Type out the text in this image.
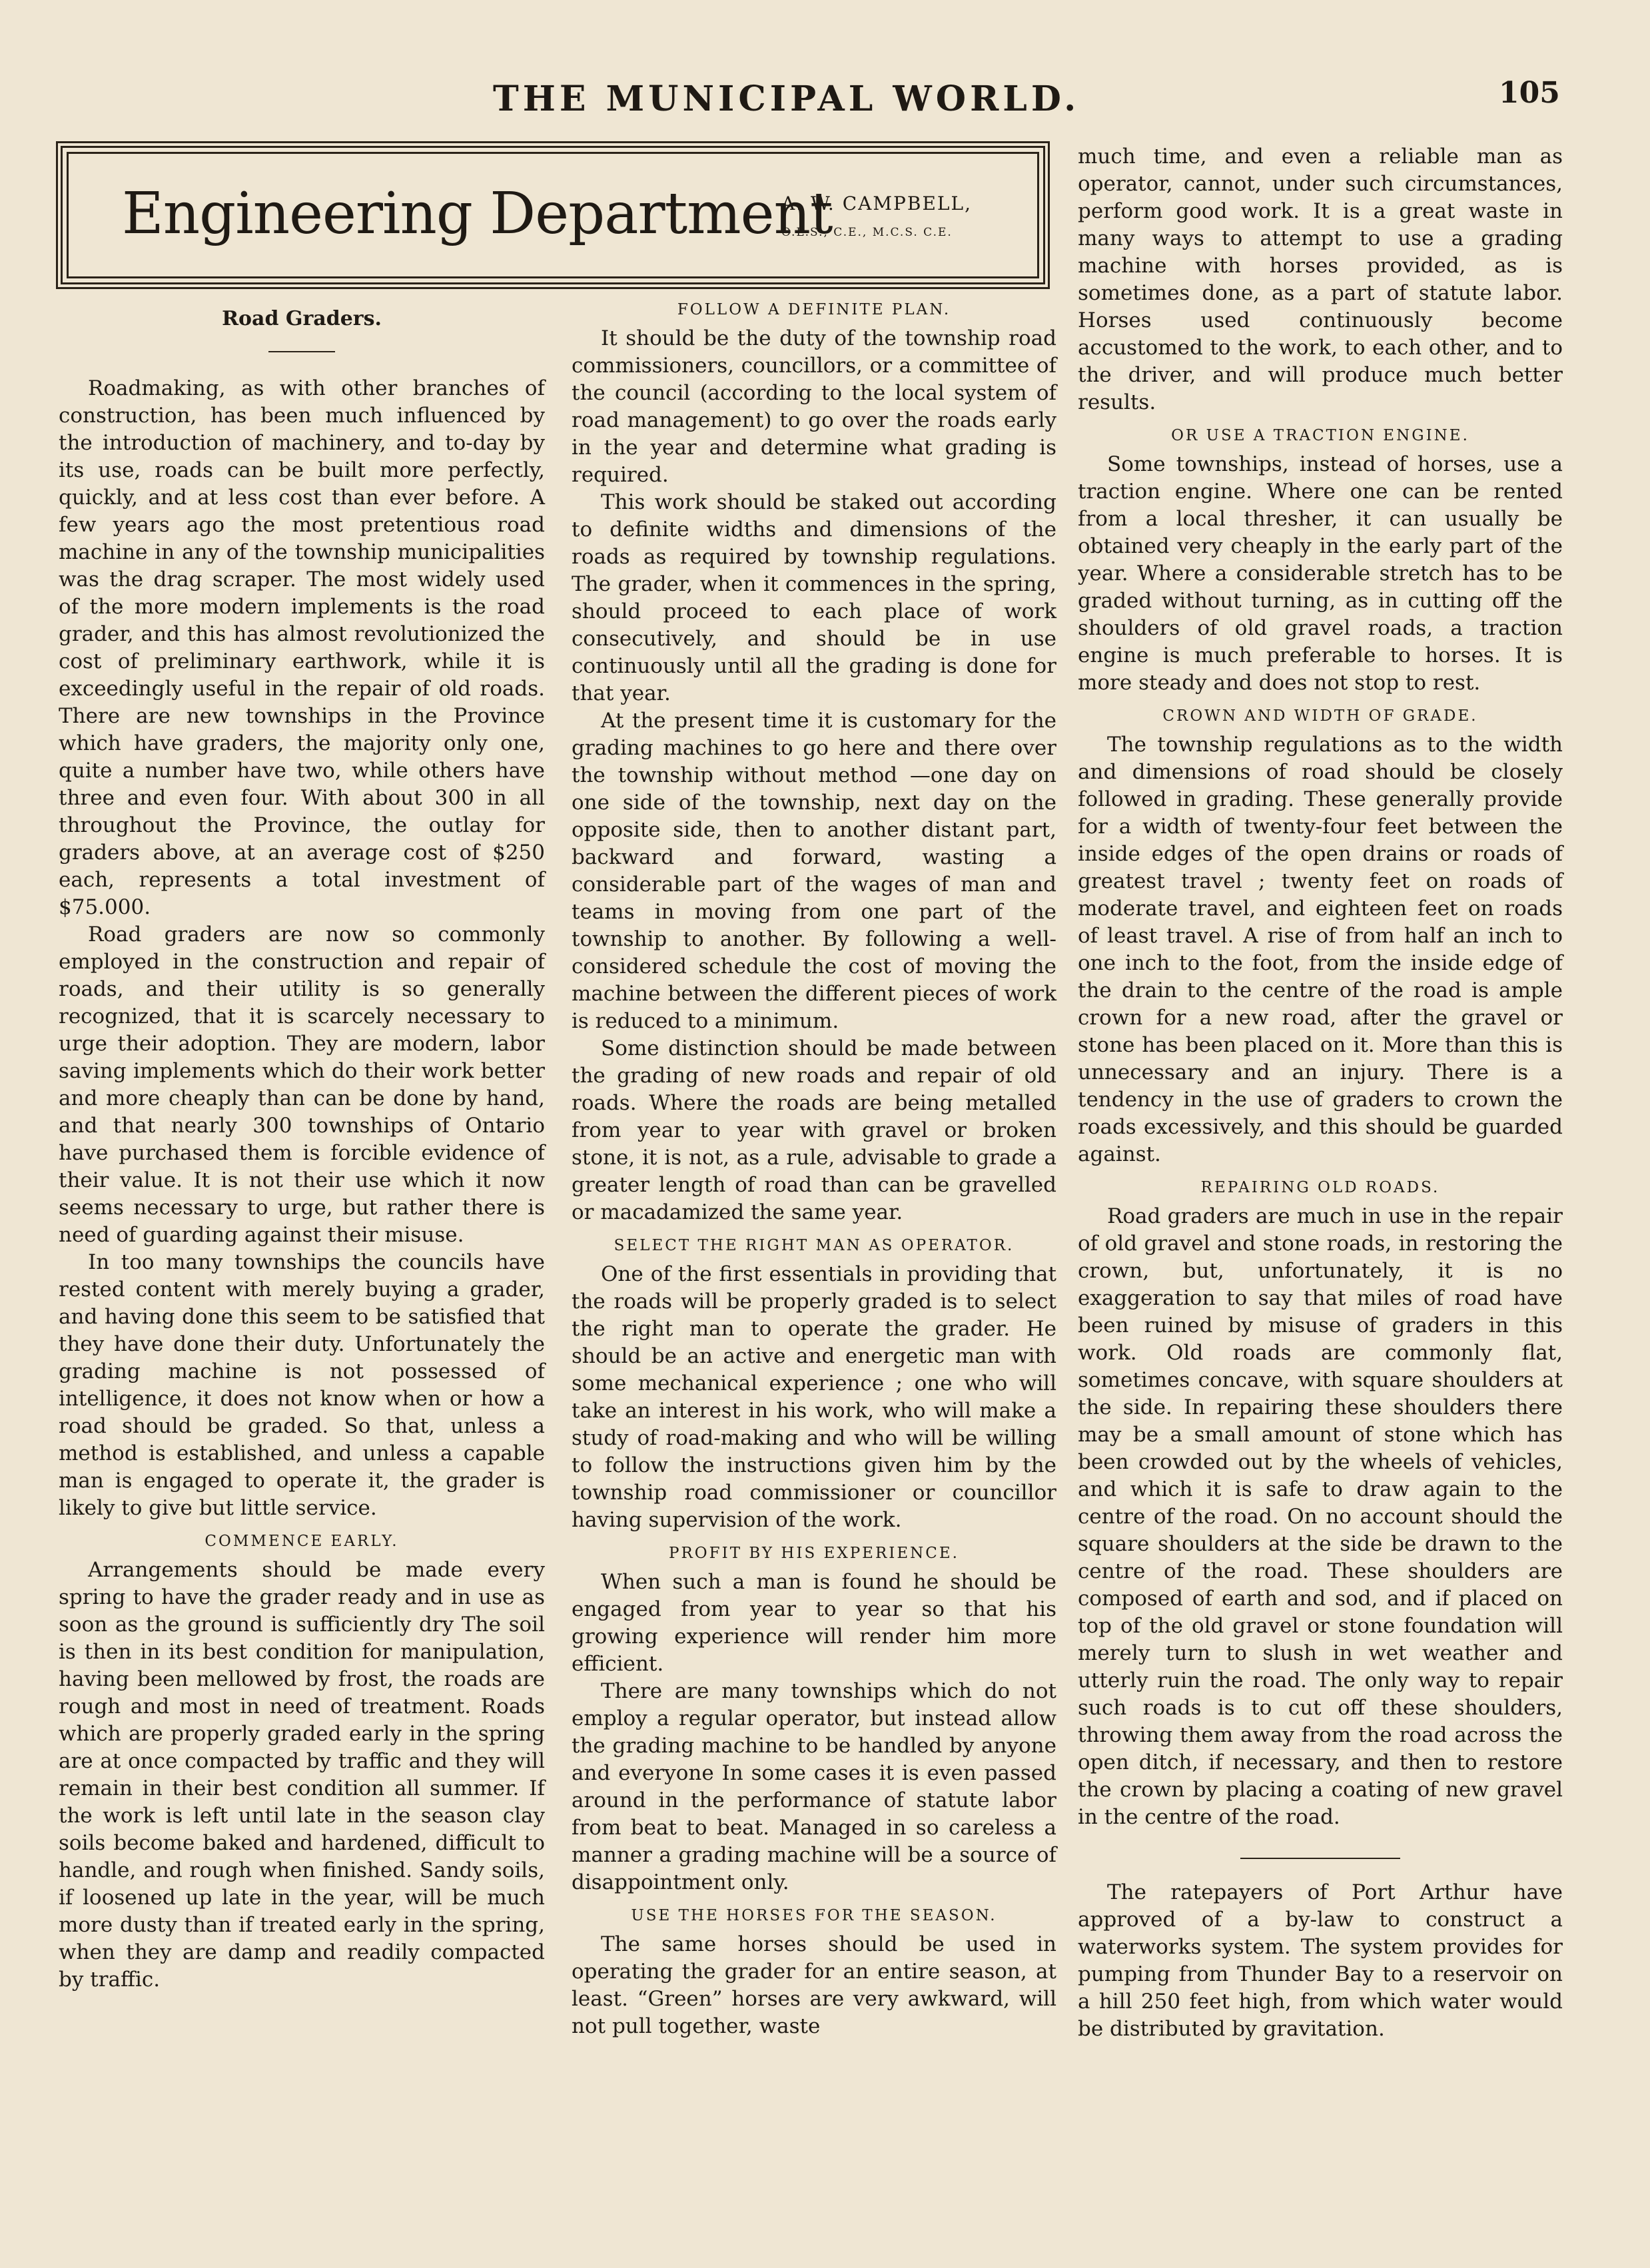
THE MUNICIPAL WORLD.	105
Engineering Department
A. W. CAMPBELL,
O.L.S., C.E., M.C.S. C.E.
Road Graders.

Roadmaking, as with other branches of construction, has been much influenced by the introduction of machinery, and to-day by its use, roads can be built more perfectly, quickly, and at less cost than ever before. A few years ago the most pretentious road machine in any of the township municipalities was the drag scraper. The most widely used of the more modern implements is the road grader, and this has almost revolutionized the cost of preliminary earthwork, while it is exceedingly useful in the repair of old roads. There are new townships in the Province which have graders, the majority only one, quite a number have two, while others have three and even four. With about 300 in all throughout the Province, the outlay for graders above, at an average cost of $250 each, represents a total investment of $75.000.

Road graders are now so commonly employed in the construction and repair of roads, and their utility is so generally recognized, that it is scarcely necessary to urge their adoption. They are modern, labor saving implements which do their work better and more cheaply than can be done by hand, and that nearly 300 townships of Ontario have purchased them is forcible evidence of their value. It is not their use which it now seems necessary to urge, but rather there is need of guarding against their misuse.

In too many townships the councils have rested content with merely buying a grader, and having done this seem to be satisfied that they have done their duty. Unfortunately the grading machine is not possessed of intelligence, it does not know when or how a road should be graded. So that, unless a method is established, and unless a capable man is engaged to operate it, the grader is likely to give but little service.

COMMENCE EARLY.

Arrangements should be made every spring to have the grader ready and in use as soon as the ground is sufficiently dry The soil is then in its best condition for manipulation, having been mellowed by frost, the roads are rough and most in need of treatment. Roads which are properly graded early in the spring are at once compacted by traffic and they will remain in their best condition all summer. If the work is left until late in the season clay soils become baked and hardened, difficult to handle, and rough when finished. Sandy soils, if loosened up late in the year, will be much more dusty than if treated early in the spring, when they are damp and readily compacted by traffic.

FOLLOW A DEFINITE PLAN.

It should be the duty of the township road commissioners, councillors, or a committee of the council (according to the local system of road management) to go over the roads early in the year and determine what grading is required.

This work should be staked out according to definite widths and dimensions of the roads as required by township regulations. The grader, when it commences in the spring, should proceed to each place of work consecutively, and should be in use continuously until all the grading is done for that year.

At the present time it is customary for the grading machines to go here and there over the township without method —one day on one side of the township, next day on the opposite side, then to another distant part, backward and forward, wasting a considerable part of the wages of man and teams in moving from one part of the township to another. By following a well-considered schedule the cost of moving the machine between the different pieces of work is reduced to a minimum.

Some distinction should be made between the grading of new roads and repair of old roads. Where the roads are being metalled from year to year with gravel or broken stone, it is not, as a rule, advisable to grade a greater length of road than can be gravelled or macadamized the same year.

SELECT THE RIGHT MAN AS OPERATOR.

One of the first essentials in providing that the roads will be properly graded is to select the right man to operate the grader. He should be an active and energetic man with some mechanical experience ; one who will take an interest in his work, who will make a study of road-making and who will be willing to follow the instructions given him by the township road commissioner or councillor having supervision of the work.

PROFIT BY HIS EXPERIENCE.

When such a man is found he should be engaged from year to year so that his growing experience will render him more efficient.

There are many townships which do not employ a regular operator, but instead allow the grading machine to be handled by anyone and everyone In some cases it is even passed around in the performance of statute labor from beat to beat. Managed in so careless a manner a grading machine will be a source of disappointment only.

USE THE HORSES FOR THE SEASON.

The same horses should be used in operating the grader for an entire season, at least. “Green” horses are very awkward, will not pull together, waste

much time, and even a reliable man as operator, cannot, under such circumstances, perform good work. It is a great waste in many ways to attempt to use a grading machine with horses provided, as is sometimes done, as a part of statute labor. Horses used continuously become accustomed to the work, to each other, and to the driver, and will produce much better results.

OR USE A TRACTION ENGINE.

Some townships, instead of horses, use a traction engine. Where one can be rented from a local thresher, it can usually be obtained very cheaply in the early part of the year. Where a considerable stretch has to be graded without turning, as in cutting off the shoulders of old gravel roads, a traction engine is much preferable to horses. It is more steady and does not stop to rest.

CROWN AND WIDTH OF GRADE.

The township regulations as to the width and dimensions of road should be closely followed in grading. These generally provide for a width of twenty-four feet between the inside edges of the open drains or roads of greatest travel ; twenty feet on roads of moderate travel, and eighteen feet on roads of least travel. A rise of from half an inch to one inch to the foot, from the inside edge of the drain to the centre of the road is ample crown for a new road, after the gravel or stone has been placed on it. More than this is unnecessary and an injury. There is a tendency in the use of graders to crown the roads excessively, and this should be guarded against.

REPAIRING OLD ROADS.

Road graders are much in use in the repair of old gravel and stone roads, in restoring the crown, but, unfortunately, it is no exaggeration to say that miles of road have been ruined by misuse of graders in this work. Old roads are commonly flat, sometimes concave, with square shoulders at the side. In repairing these shoulders there may be a small amount of stone which has been crowded out by the wheels of vehicles, and which it is safe to draw again to the centre of the road. On no account should the square shoulders at the side be drawn to the centre of the road. These shoulders are composed of earth and sod, and if placed on top of the old gravel or stone foundation will merely turn to slush in wet weather and utterly ruin the road. The only way to repair such roads is to cut off these shoulders, throwing them away from the road across the open ditch, if necessary, and then to restore the crown by placing a coating of new gravel in the centre of the road.

The ratepayers of Port Arthur have approved of a by-law to construct a waterworks system. The system provides for pumping from Thunder Bay to a reservoir on a hill 250 feet high, from which water would be distributed by gravitation.
